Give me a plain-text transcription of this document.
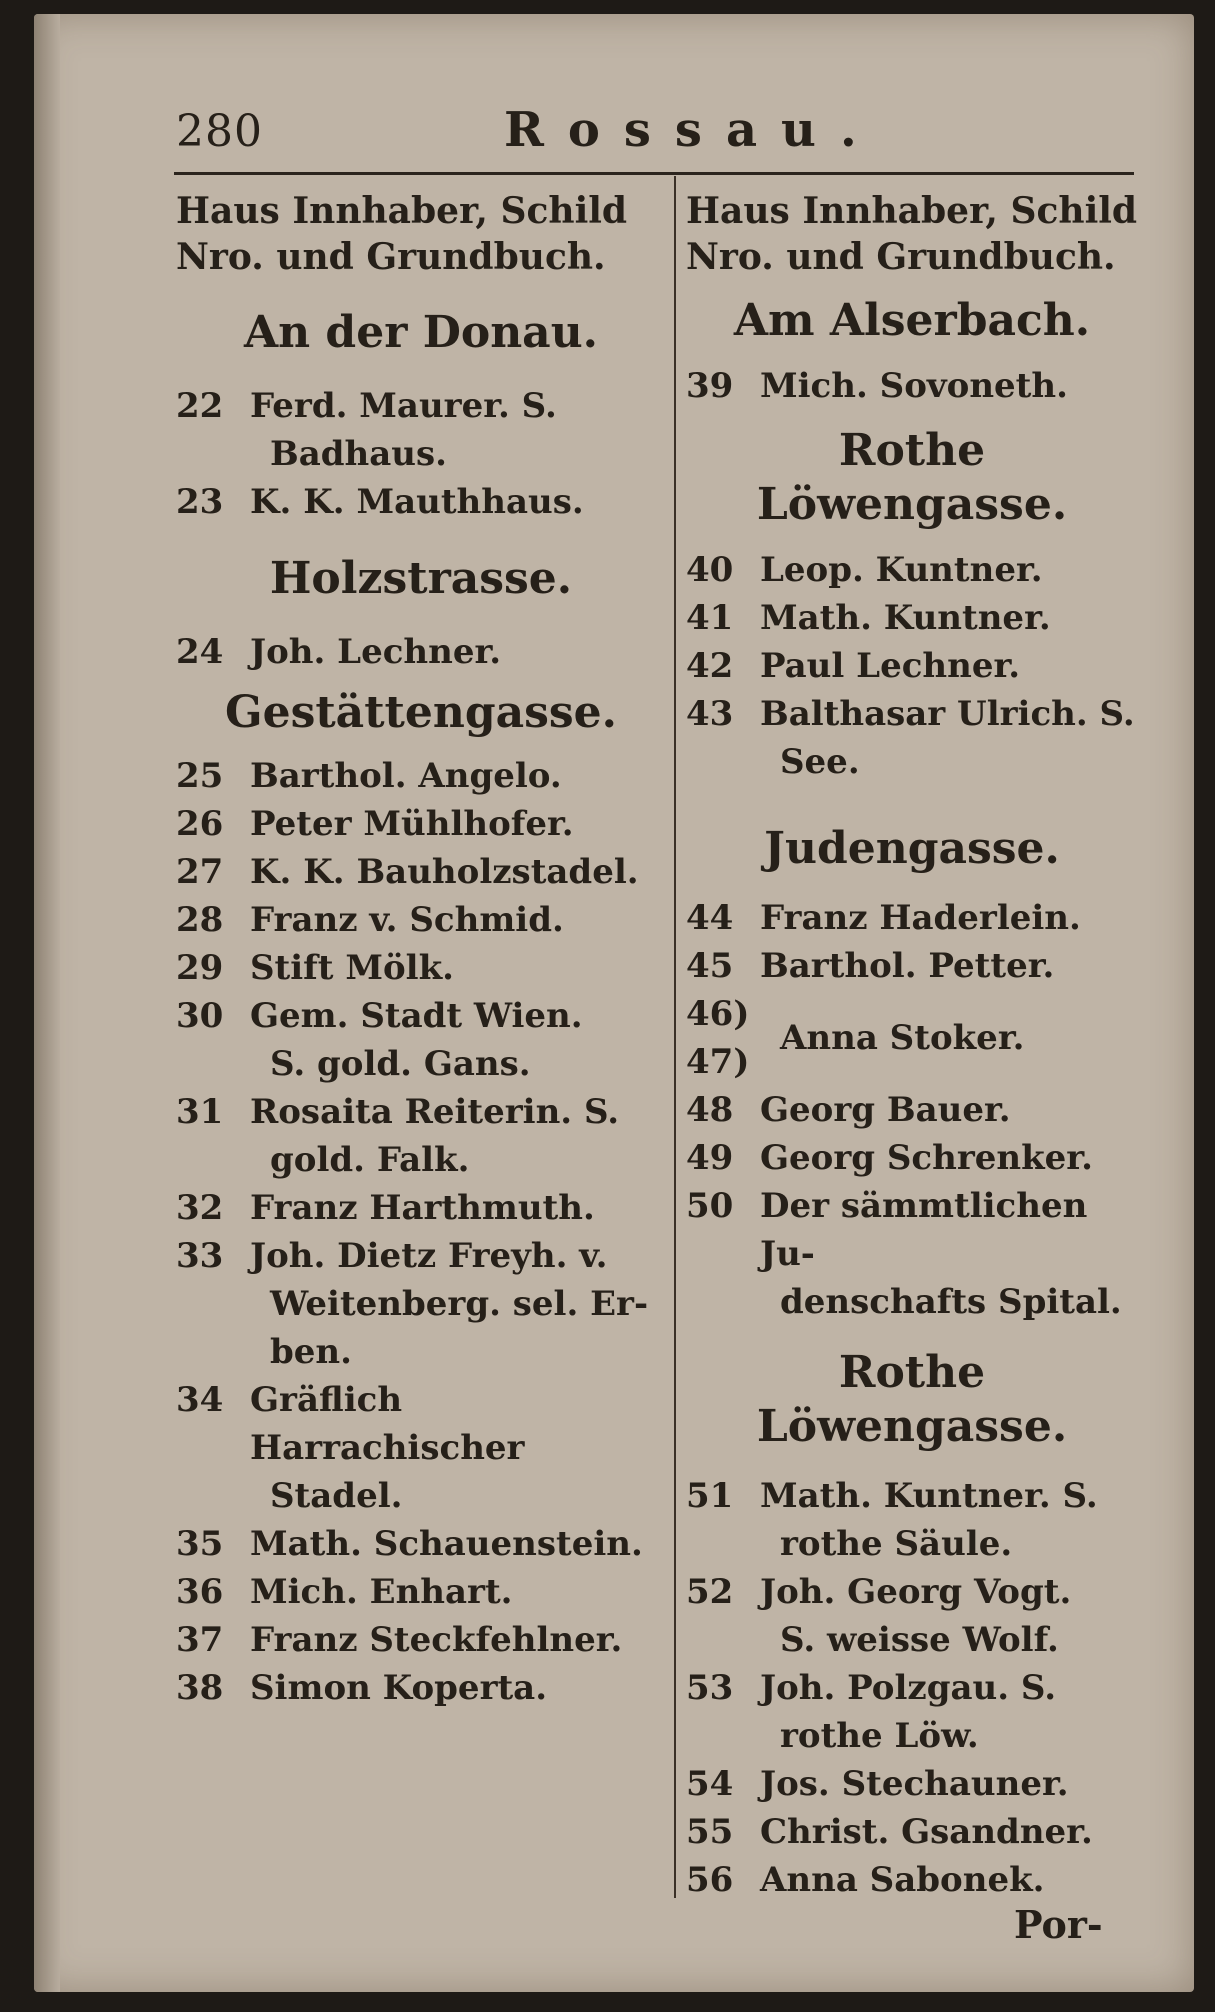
280	Rossau.
Haus Innhaber, Schild
Nro. und Grundbuch.
An der Donau.
22 Ferd. Maurer. S.
Badhaus.
23 K. K. Mauthhaus.
Holzstrasse.
24 Joh. Lechner.
Gestättengasse.
25 Barthol. Angelo.
26 Peter Mühlhofer.
27 K. K. Bauholzstadel.
28 Franz v. Schmid.
29 Stift Mölk.
30 Gem. Stadt Wien.
S. gold. Gans.
31 Rosaita Reiterin. S.
gold. Falk.
32 Franz Harthmuth.
33 Joh. Dietz Freyh. v.
Weitenberg. sel. Er-
ben.
34 Gräflich Harrachischer
Stadel.
35 Math. Schauenstein.
36 Mich. Enhart.
37 Franz Steckfehlner.
38 Simon Koperta.
Haus Innhaber, Schild
Nro. und Grundbuch.
Am Alserbach.
39 Mich. Sovoneth.
Rothe Löwengasse.
40 Leop. Kuntner.
41 Math. Kuntner.
42 Paul Lechner.
43 Balthasar Ulrich. S.
See.
Judengasse.
44 Franz Haderlein.
45 Barthol. Petter.
46)
47)
Anna Stoker.
48 Georg Bauer.
49 Georg Schrenker.
50 Der sämmtlichen Ju-
denschafts Spital.
Rothe Löwengasse.
51 Math. Kuntner. S.
rothe Säule.
52 Joh. Georg Vogt.
S. weisse Wolf.
53 Joh. Polzgau. S.
rothe Löw.
54 Jos. Stechauner.
55 Christ. Gsandner.
56 Anna Sabonek.
Por-
